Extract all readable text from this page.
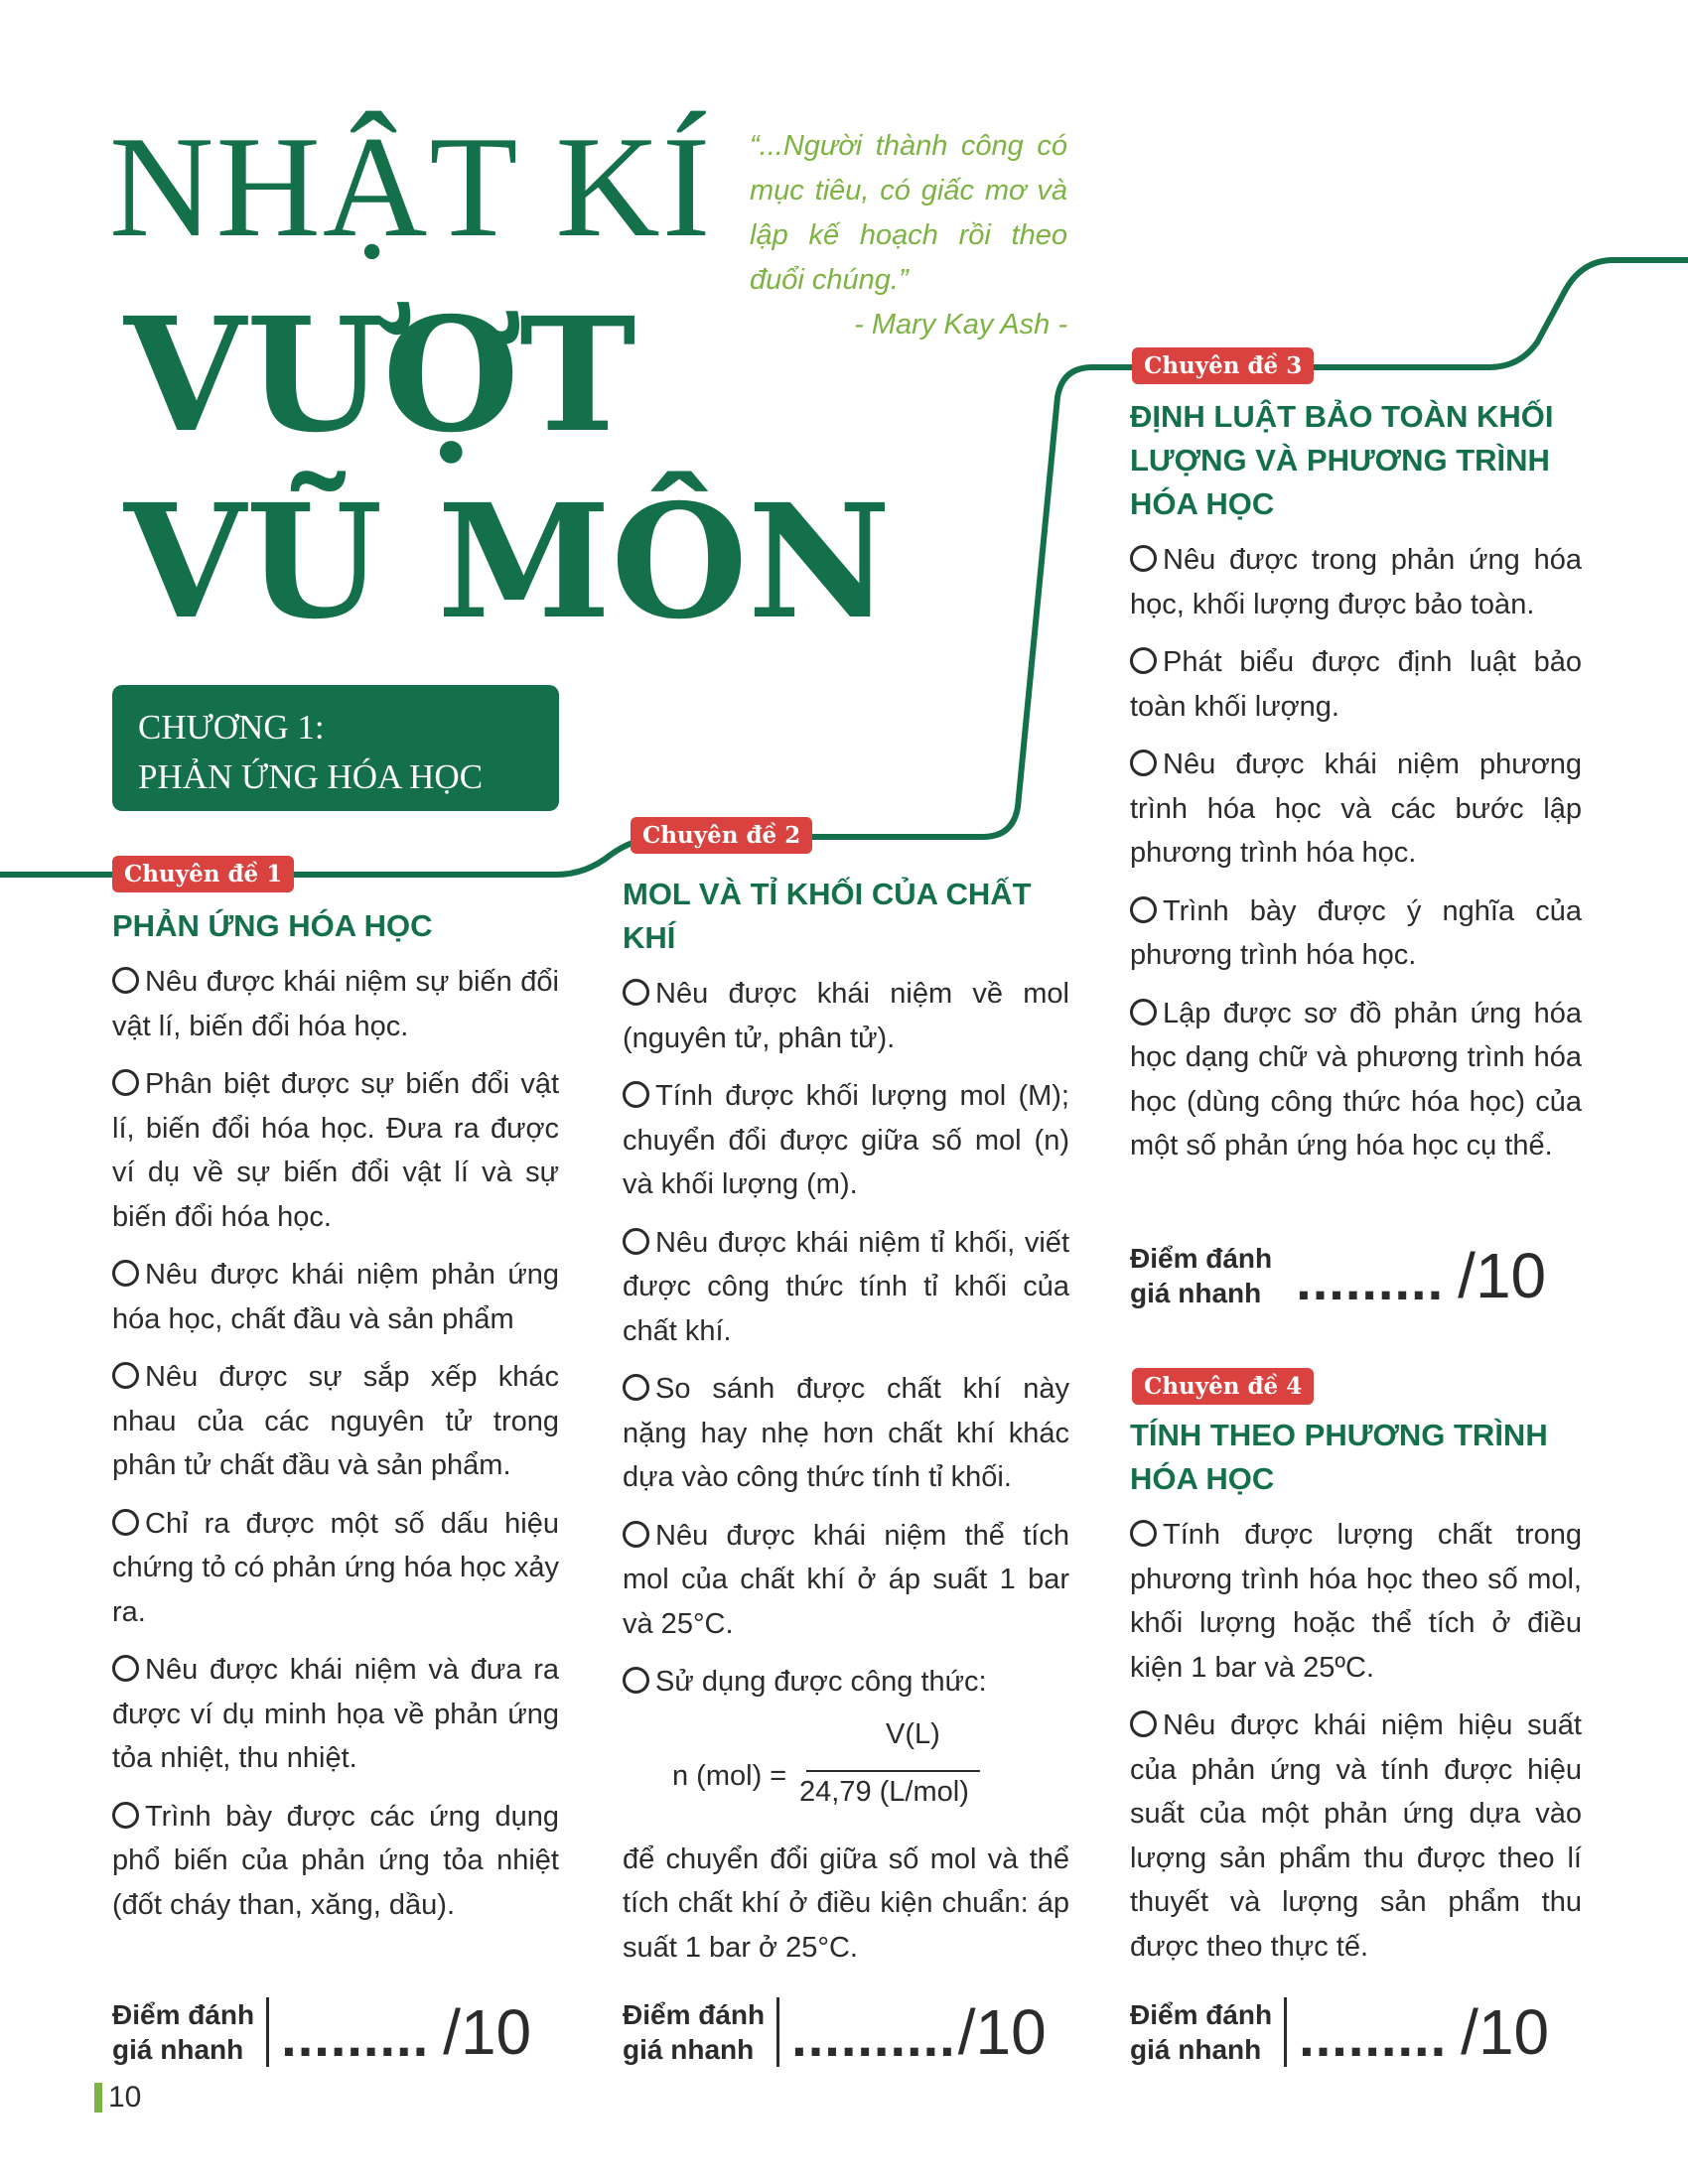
NHẬT KÍ
VƯỢT
VŨ MÔN
“...Người thành công có mục tiêu, có giấc mơ và lập kế hoạch rồi theo đuổi chúng.”
- Mary Kay Ash -
CHƯƠNG 1:
PHẢN ỨNG HÓA HỌC
Chuyên đề 1
Chuyên đề 2
Chuyên đề 3
Chuyên đề 4
PHẢN ỨNG HÓA HỌC
Nêu được khái niệm sự biến đổi vật lí, biến đổi hóa học.
Phân biệt được sự biến đổi vật lí, biến đổi hóa học. Đưa ra được ví dụ về sự biến đổi vật lí và sự biến đổi hóa học.
Nêu được khái niệm phản ứng hóa học, chất đầu và sản phẩm
Nêu được sự sắp xếp khác nhau của các nguyên tử trong phân tử chất đầu và sản phẩm.
Chỉ ra được một số dấu hiệu chứng tỏ có phản ứng hóa học xảy ra.
Nêu được khái niệm và đưa ra được ví dụ minh họa về phản ứng tỏa nhiệt, thu nhiệt.
Trình bày được các ứng dụng phổ biến của phản ứng tỏa nhiệt (đốt cháy than, xăng, dầu).
Điểm đánh
giá nhanh ......... /10
MOL VÀ TỈ KHỐI CỦA CHẤT KHÍ
Nêu được khái niệm về mol (nguyên tử, phân tử).
Tính được khối lượng mol (M); chuyển đổi được giữa số mol (n) và khối lượng (m).
Nêu được khái niệm tỉ khối, viết được công thức tính tỉ khối của chất khí.
So sánh được chất khí này nặng hay nhẹ hơn chất khí khác dựa vào công thức tính tỉ khối.
Nêu được khái niệm thể tích mol của chất khí ở áp suất 1 bar và 25°C.
Sử dụng được công thức:
n (mol) =
V(L)
24,79 (L/mol)
để chuyển đổi giữa số mol và thể tích chất khí ở điều kiện chuẩn: áp suất 1 bar ở 25°C.
Điểm đánh
giá nhanh .......... /10
ĐỊNH LUẬT BẢO TOÀN KHỐI LƯỢNG VÀ PHƯƠNG TRÌNH HÓA HỌC
Nêu được trong phản ứng hóa học, khối lượng được bảo toàn.
Phát biểu được định luật bảo toàn khối lượng.
Nêu được khái niệm phương trình hóa học và các bước lập phương trình hóa học.
Trình bày được ý nghĩa của phương trình hóa học.
Lập được sơ đồ phản ứng hóa học dạng chữ và phương trình hóa học (dùng công thức hóa học) của một số phản ứng hóa học cụ thể.
Điểm đánh
giá nhanh ......... /10
TÍNH THEO PHƯƠNG TRÌNH HÓA HỌC
Tính được lượng chất trong phương trình hóa học theo số mol, khối lượng hoặc thể tích ở điều kiện 1 bar và 25ºC.
Nêu được khái niệm hiệu suất của phản ứng và tính được hiệu suất của một phản ứng dựa vào lượng sản phẩm thu được theo lí thuyết và lượng sản phẩm thu được theo thực tế.
Điểm đánh
giá nhanh ......... /10
10
